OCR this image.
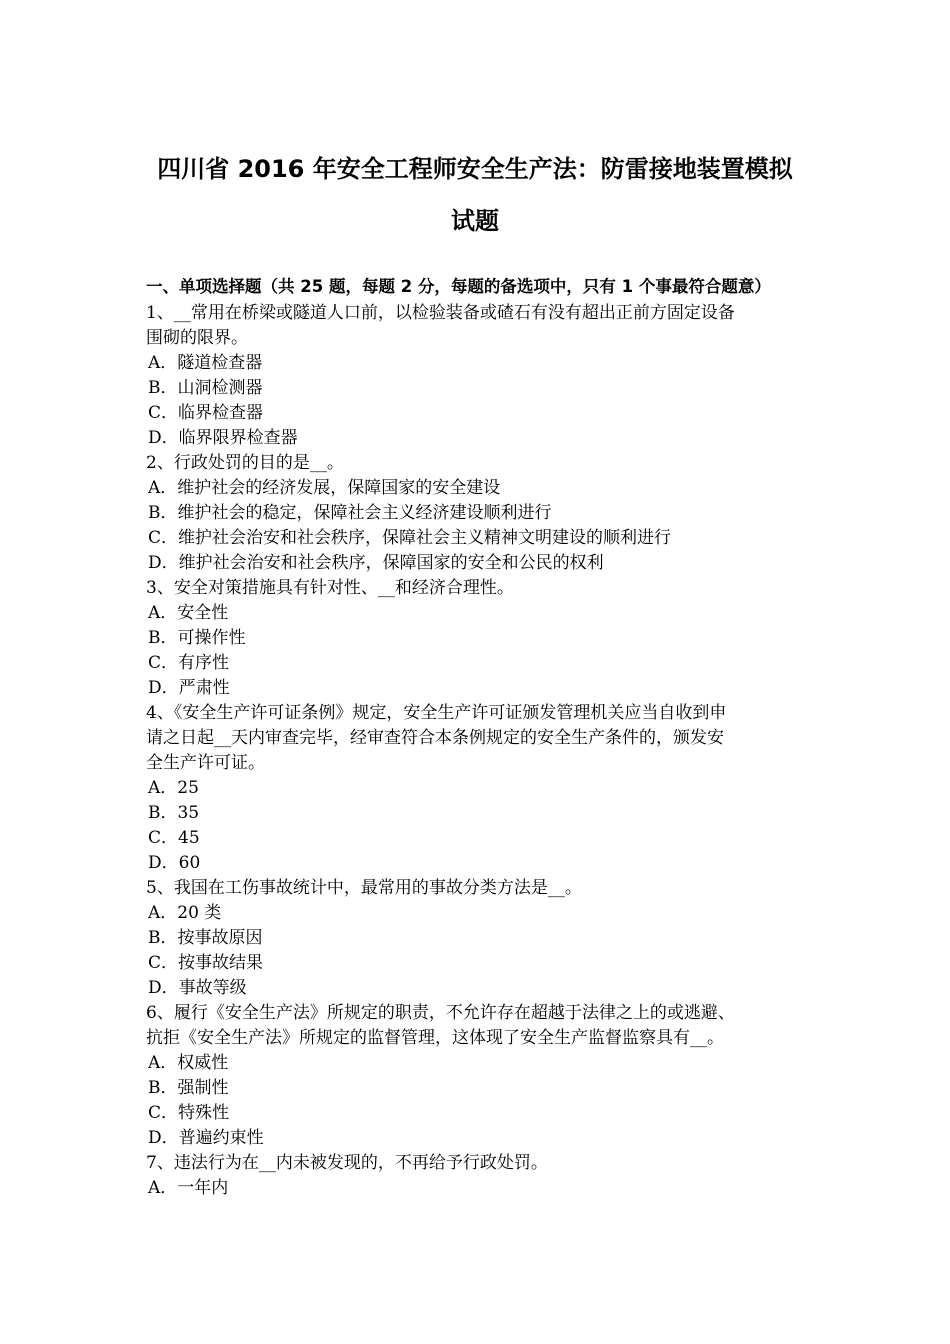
四川省 2016 年安全工程师安全生产法：防雷接地装置模拟
试题
一、单项选择题（共 25 题，每题 2 分，每题的备选项中，只有 1 个事最符合题意）
1、__常用在桥梁或隧道人口前，以检验装备或碴石有没有超出正前方固定设备
围砌的限界。
A．隧道检查器
B．山洞检测器
C．临界检查器
D．临界限界检查器
2、行政处罚的目的是__。
A．维护社会的经济发展，保障国家的安全建设
B．维护社会的稳定，保障社会主义经济建设顺利进行
C．维护社会治安和社会秩序，保障社会主义精神文明建设的顺利进行
D．维护社会治安和社会秩序，保障国家的安全和公民的权利
3、安全对策措施具有针对性、__和经济合理性。
A．安全性
B．可操作性
C．有序性
D．严肃性
4、《安全生产许可证条例》规定，安全生产许可证颁发管理机关应当自收到申
请之日起__天内审查完毕，经审查符合本条例规定的安全生产条件的，颁发安
全生产许可证。
A．25
B．35
C．45
D．60
5、我国在工伤事故统计中，最常用的事故分类方法是__。
A．20 类
B．按事故原因
C．按事故结果
D．事故等级
6、履行《安全生产法》所规定的职责，不允许存在超越于法律之上的或逃避、
抗拒《安全生产法》所规定的监督管理，这体现了安全生产监督监察具有__。
A．权威性
B．强制性
C．特殊性
D．普遍约束性
7、违法行为在__内未被发现的，不再给予行政处罚。
A．一年内
